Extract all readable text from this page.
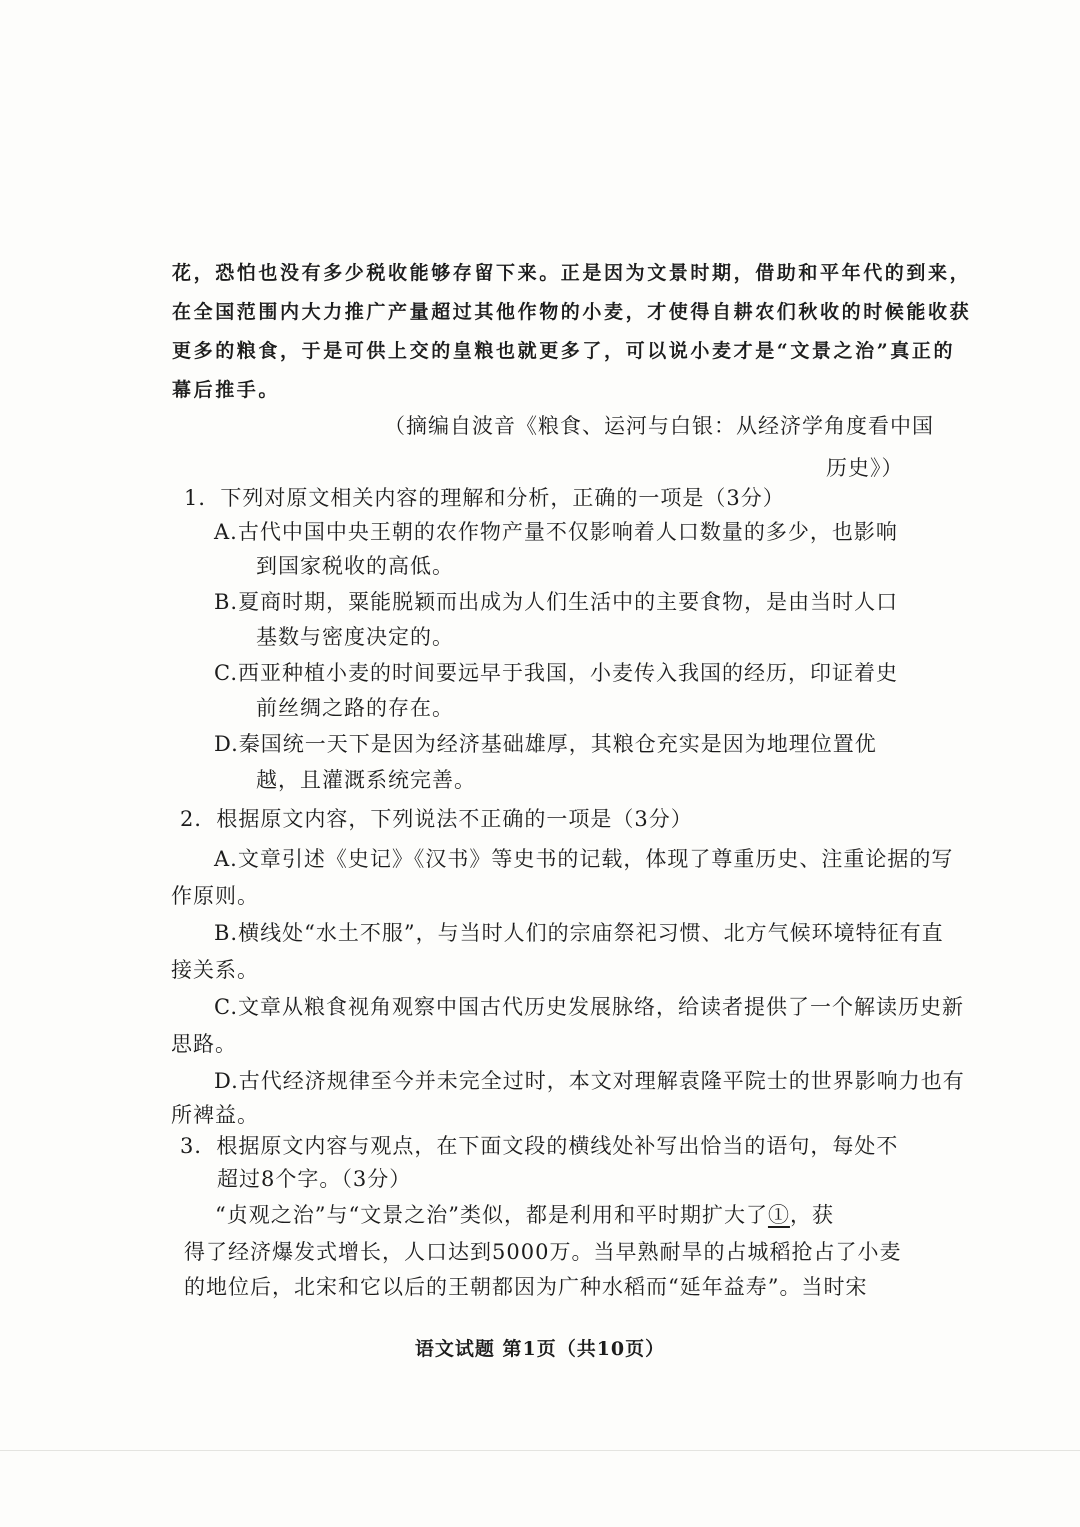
花，恐怕也没有多少税收能够存留下来。正是因为文景时期，借助和平年代的到来，
在全国范围内大力推广产量超过其他作物的小麦，才使得自耕农们秋收的时候能收获
更多的粮食，于是可供上交的皇粮也就更多了，可以说小麦才是“文景之治”真正的
幕后推手。
（摘编自波音《粮食、运河与白银：从经济学角度看中国
历史》）
1．下列对原文相关内容的理解和分析，正确的一项是（3分）
A.古代中国中央王朝的农作物产量不仅影响着人口数量的多少，也影响
到国家税收的高低。
B.夏商时期，粟能脱颖而出成为人们生活中的主要食物，是由当时人口
基数与密度决定的。
C.西亚种植小麦的时间要远早于我国，小麦传入我国的经历，印证着史
前丝绸之路的存在。
D.秦国统一天下是因为经济基础雄厚，其粮仓充实是因为地理位置优
越，且灌溉系统完善。
2．根据原文内容，下列说法不正确的一项是（3分）
A.文章引述《史记》《汉书》等史书的记载，体现了尊重历史、注重论据的写
作原则。
B.横线处“水土不服”，与当时人们的宗庙祭祀习惯、北方气候环境特征有直
接关系。
C.文章从粮食视角观察中国古代历史发展脉络，给读者提供了一个解读历史新
思路。
D.古代经济规律至今并未完全过时，本文对理解袁隆平院士的世界影响力也有
所裨益。
3．根据原文内容与观点，在下面文段的横线处补写出恰当的语句，每处不
超过8个字。（3分）
“贞观之治”与“文景之治”类似，都是利用和平时期扩大了①，获
得了经济爆发式增长，人口达到5000万。当早熟耐旱的占城稻抢占了小麦
的地位后，北宋和它以后的王朝都因为广种水稻而“延年益寿”。当时宋
语文试题 第1页（共10页）
